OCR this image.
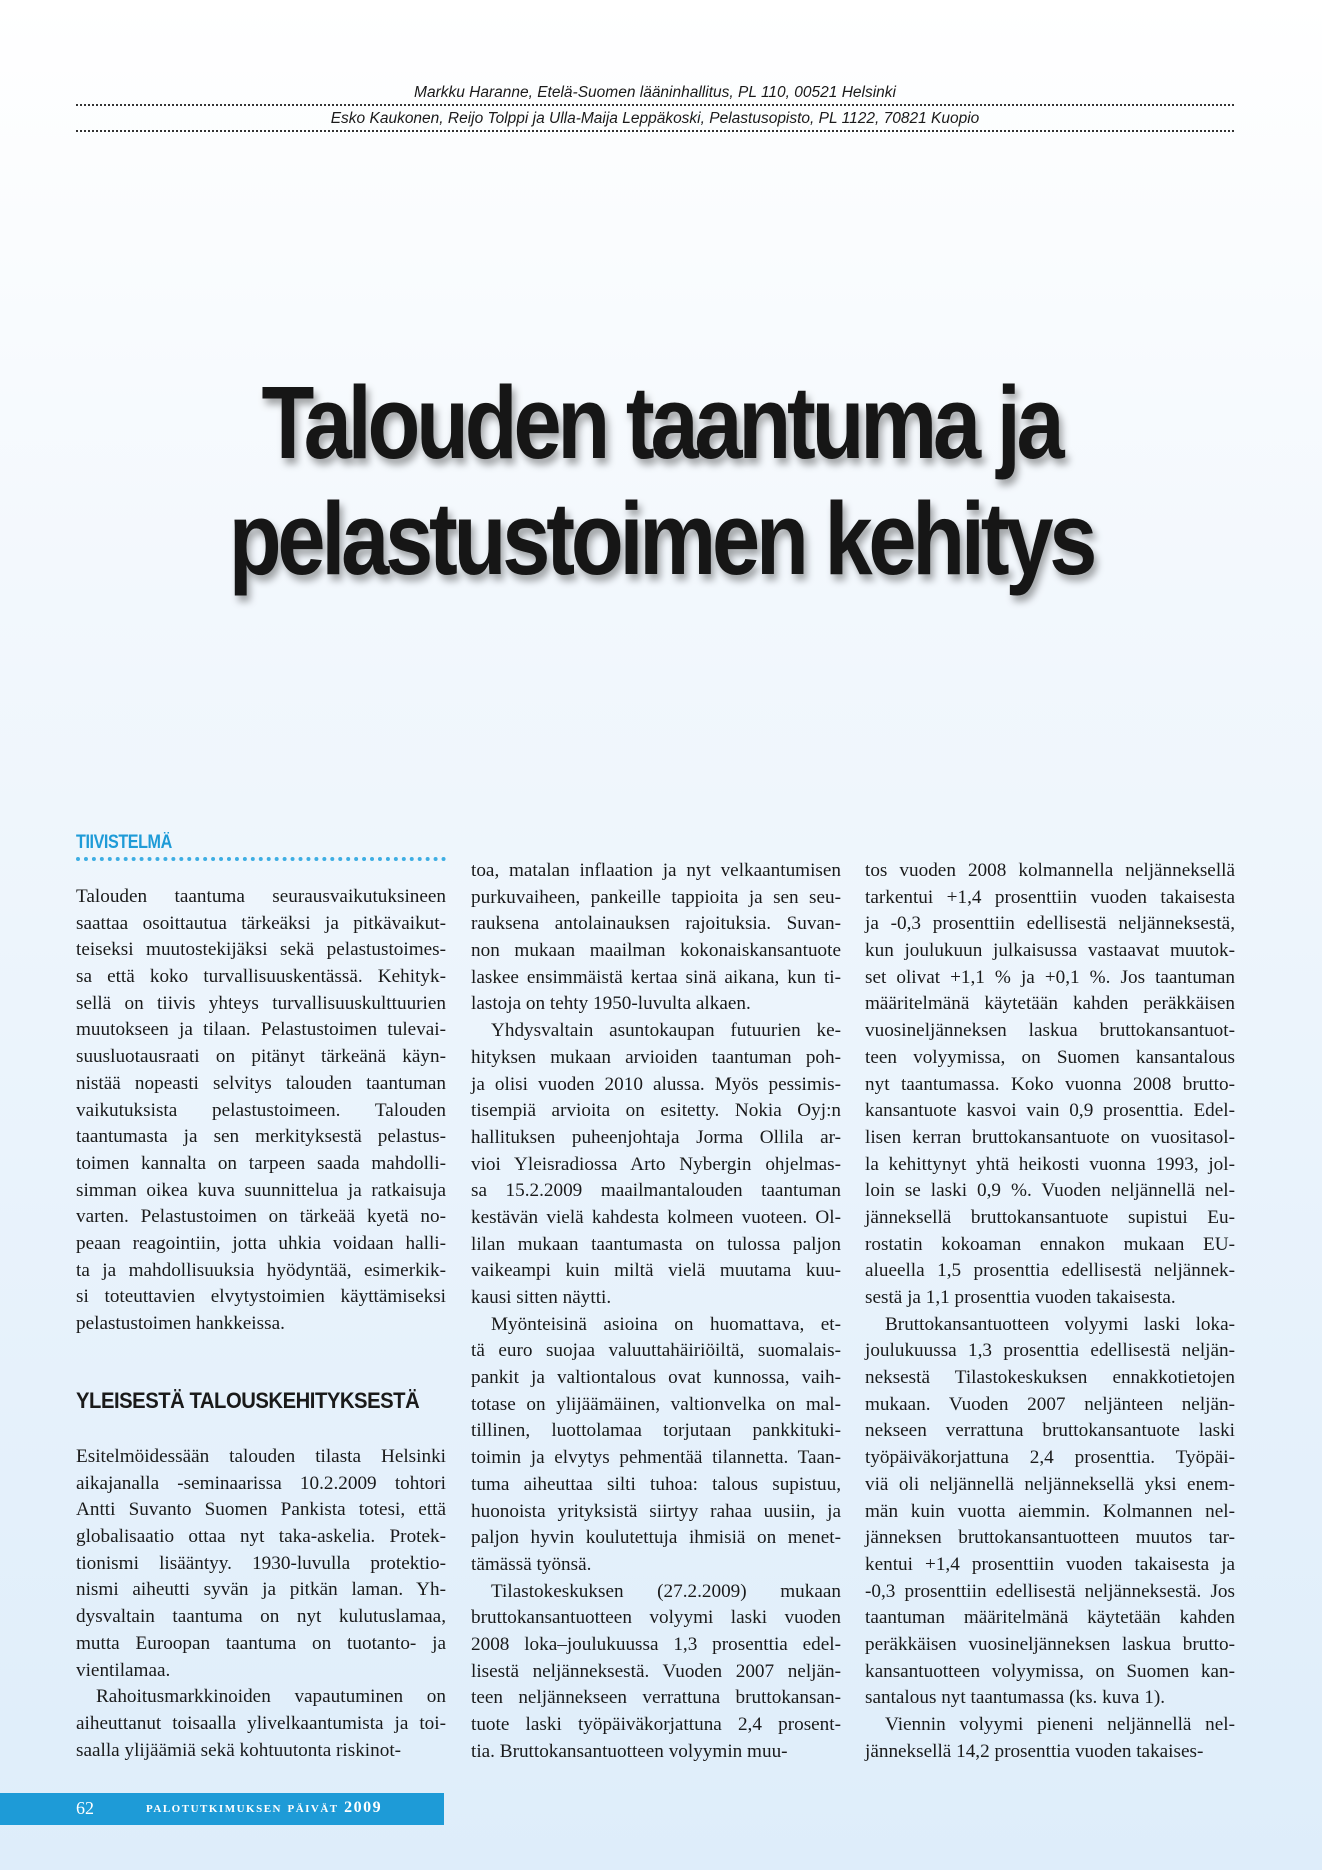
Markku Haranne, Etelä-Suomen lääninhallitus, PL 110, 00521 Helsinki
Esko Kaukonen, Reijo Tolppi ja Ulla-Maija Leppäkoski, Pelastusopisto, PL 1122, 70821 Kuopio
Talouden taantuma ja
pelastustoimen kehitys
TIIVISTELMÄ
Talouden taantuma seurausvaikutuksineen
saattaa osoittautua tärkeäksi ja pitkävaikut-
teiseksi muutostekijäksi sekä pelastustoimes-
sa että koko turvallisuuskentässä. Kehityk-
sellä on tiivis yhteys turvallisuuskulttuurien
muutokseen ja tilaan. Pelastustoimen tulevai-
suusluotausraati on pitänyt tärkeänä käyn-
nistää nopeasti selvitys talouden taantuman
vaikutuksista pelastustoimeen. Talouden
taantumasta ja sen merkityksestä pelastus-
toimen kannalta on tarpeen saada mahdolli-
simman oikea kuva suunnittelua ja ratkaisuja
varten. Pelastustoimen on tärkeää kyetä no-
peaan reagointiin, jotta uhkia voidaan halli-
ta ja mahdollisuuksia hyödyntää, esimerkik-
si toteuttavien elvytystoimien käyttämiseksi
pelastustoimen hankkeissa.
YLEISESTÄ TALOUSKEHITYKSESTÄ
Esitelmöidessään talouden tilasta Helsinki
aikajanalla -seminaarissa 10.2.2009 tohtori
Antti Suvanto Suomen Pankista totesi, että
globalisaatio ottaa nyt taka-askelia. Protek-
tionismi lisääntyy. 1930-luvulla protektio-
nismi aiheutti syvän ja pitkän laman. Yh-
dysvaltain taantuma on nyt kulutuslamaa,
mutta Euroopan taantuma on tuotanto- ja
vientilamaa.
Rahoitusmarkkinoiden vapautuminen on
aiheuttanut toisaalla ylivelkaantumista ja toi-
saalla ylijäämiä sekä kohtuutonta riskinot-
toa, matalan inflaation ja nyt velkaantumisen
purkuvaiheen, pankeille tappioita ja sen seu-
rauksena antolainauksen rajoituksia. Suvan-
non mukaan maailman kokonaiskansantuote
laskee ensimmäistä kertaa sinä aikana, kun ti-
lastoja on tehty 1950-luvulta alkaen.
Yhdysvaltain asuntokaupan futuurien ke-
hityksen mukaan arvioiden taantuman poh-
ja olisi vuoden 2010 alussa. Myös pessimis-
tisempiä arvioita on esitetty. Nokia Oyj:n
hallituksen puheenjohtaja Jorma Ollila ar-
vioi Yleisradiossa Arto Nybergin ohjelmas-
sa 15.2.2009 maailmantalouden taantuman
kestävän vielä kahdesta kolmeen vuoteen. Ol-
lilan mukaan taantumasta on tulossa paljon
vaikeampi kuin miltä vielä muutama kuu-
kausi sitten näytti.
Myönteisinä asioina on huomattava, et-
tä euro suojaa valuuttahäiriöiltä, suomalais-
pankit ja valtiontalous ovat kunnossa, vaih-
totase on ylijäämäinen, valtionvelka on mal-
tillinen, luottolamaa torjutaan pankkituki-
toimin ja elvytys pehmentää tilannetta. Taan-
tuma aiheuttaa silti tuhoa: talous supistuu,
huonoista yrityksistä siirtyy rahaa uusiin, ja
paljon hyvin koulutettuja ihmisiä on menet-
tämässä työnsä.
Tilastokeskuksen (27.2.2009) mukaan
bruttokansantuotteen volyymi laski vuoden
2008 loka–joulukuussa 1,3 prosenttia edel-
lisestä neljänneksestä. Vuoden 2007 neljän-
teen neljännekseen verrattuna bruttokansan-
tuote laski työpäiväkorjattuna 2,4 prosent-
tia. Bruttokansantuotteen volyymin muu-
tos vuoden 2008 kolmannella neljänneksellä
tarkentui +1,4 prosenttiin vuoden takaisesta
ja -0,3 prosenttiin edellisestä neljänneksestä,
kun joulukuun julkaisussa vastaavat muutok-
set olivat +1,1 % ja +0,1 %. Jos taantuman
määritelmänä käytetään kahden peräkkäisen
vuosineljänneksen laskua bruttokansantuot-
teen volyymissa, on Suomen kansantalous
nyt taantumassa. Koko vuonna 2008 brutto-
kansantuote kasvoi vain 0,9 prosenttia. Edel-
lisen kerran bruttokansantuote on vuositasol-
la kehittynyt yhtä heikosti vuonna 1993, jol-
loin se laski 0,9 %. Vuoden neljännellä nel-
jänneksellä bruttokansantuote supistui Eu-
rostatin kokoaman ennakon mukaan EU-
alueella 1,5 prosenttia edellisestä neljännek-
sestä ja 1,1 prosenttia vuoden takaisesta.
Bruttokansantuotteen volyymi laski loka-
joulukuussa 1,3 prosenttia edellisestä neljän-
neksestä Tilastokeskuksen ennakkotietojen
mukaan. Vuoden 2007 neljänteen neljän-
nekseen verrattuna bruttokansantuote laski
työpäiväkorjattuna 2,4 prosenttia. Työpäi-
viä oli neljännellä neljänneksellä yksi enem-
män kuin vuotta aiemmin. Kolmannen nel-
jänneksen bruttokansantuotteen muutos tar-
kentui +1,4 prosenttiin vuoden takaisesta ja
-0,3 prosenttiin edellisestä neljänneksestä. Jos
taantuman määritelmänä käytetään kahden
peräkkäisen vuosineljänneksen laskua brutto-
kansantuotteen volyymissa, on Suomen kan-
santalous nyt taantumassa (ks. kuva 1).
Viennin volyymi pieneni neljännellä nel-
jänneksellä 14,2 prosenttia vuoden takaises-
62	palotutkimuksen päivät 2009
